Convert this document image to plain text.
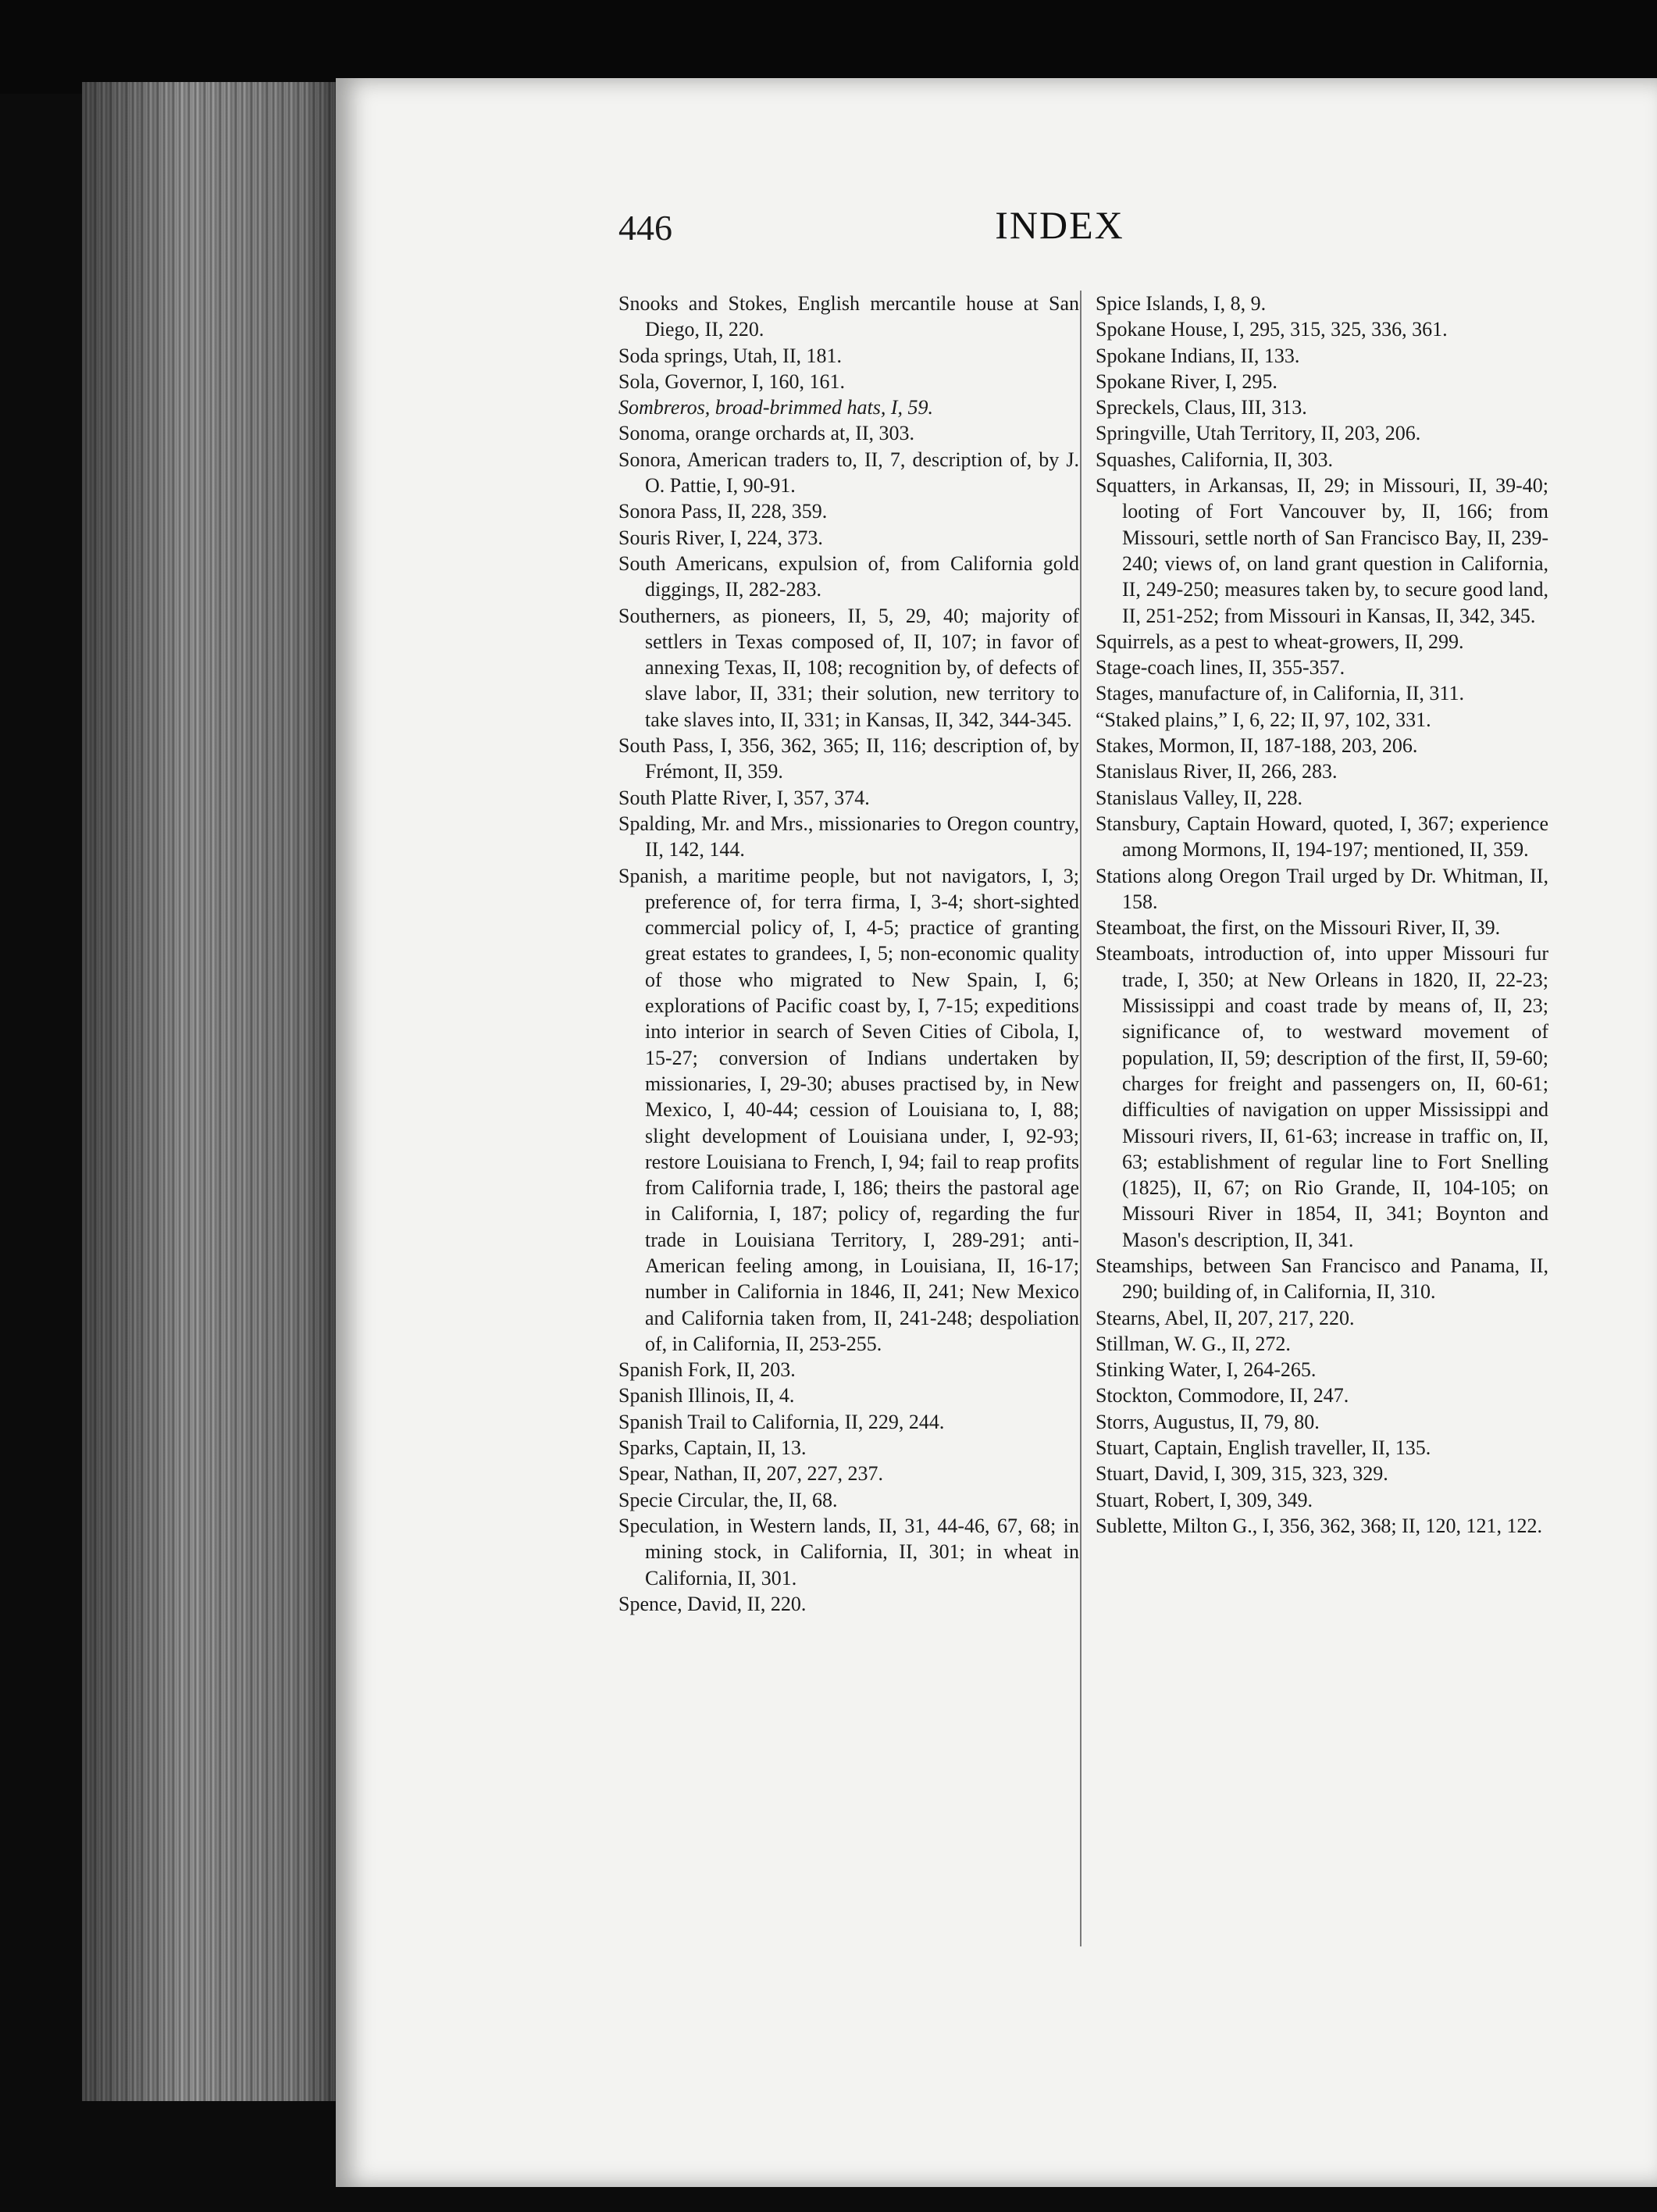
446	INDEX

Snooks and Stokes, English mercantile house at San Diego, II, 220.

Soda springs, Utah, II, 181.

Sola, Governor, I, 160, 161.

Sombreros, broad-brimmed hats, I, 59.

Sonoma, orange orchards at, II, 303.

Sonora, American traders to, II, 7, description of, by J. O. Pattie, I, 90-91.

Sonora Pass, II, 228, 359.

Souris River, I, 224, 373.

South Americans, expulsion of, from California gold diggings, II, 282-283.

Southerners, as pioneers, II, 5, 29, 40; majority of settlers in Texas composed of, II, 107; in favor of annexing Texas, II, 108; recognition by, of defects of slave labor, II, 331; their solution, new territory to take slaves into, II, 331; in Kansas, II, 342, 344-345.

South Pass, I, 356, 362, 365; II, 116; description of, by Frémont, II, 359.

South Platte River, I, 357, 374.

Spalding, Mr. and Mrs., missionaries to Oregon country, II, 142, 144.

Spanish, a maritime people, but not navigators, I, 3; preference of, for terra firma, I, 3-4; short-sighted commercial policy of, I, 4-5; practice of granting great estates to grandees, I, 5; non-economic quality of those who migrated to New Spain, I, 6; explorations of Pacific coast by, I, 7-15; expeditions into interior in search of Seven Cities of Cibola, I, 15-27; conversion of Indians undertaken by missionaries, I, 29-30; abuses practised by, in New Mexico, I, 40-44; cession of Louisiana to, I, 88; slight development of Louisiana under, I, 92-93; restore Louisiana to French, I, 94; fail to reap profits from California trade, I, 186; theirs the pastoral age in California, I, 187; policy of, regarding the fur trade in Louisiana Territory, I, 289-291; anti-American feeling among, in Louisiana, II, 16-17; number in California in 1846, II, 241; New Mexico and California taken from, II, 241-248; despoliation of, in California, II, 253-255.

Spanish Fork, II, 203.

Spanish Illinois, II, 4.

Spanish Trail to California, II, 229, 244.

Sparks, Captain, II, 13.

Spear, Nathan, II, 207, 227, 237.

Specie Circular, the, II, 68.

Speculation, in Western lands, II, 31, 44-46, 67, 68; in mining stock, in California, II, 301; in wheat in California, II, 301.

Spence, David, II, 220.

Spice Islands, I, 8, 9.

Spokane House, I, 295, 315, 325, 336, 361.

Spokane Indians, II, 133.

Spokane River, I, 295.

Spreckels, Claus, III, 313.

Springville, Utah Territory, II, 203, 206.

Squashes, California, II, 303.

Squatters, in Arkansas, II, 29; in Missouri, II, 39-40; looting of Fort Vancouver by, II, 166; from Missouri, settle north of San Francisco Bay, II, 239-240; views of, on land grant question in California, II, 249-250; measures taken by, to secure good land, II, 251-252; from Missouri in Kansas, II, 342, 345.

Squirrels, as a pest to wheat-growers, II, 299.

Stage-coach lines, II, 355-357.

Stages, manufacture of, in California, II, 311.

“Staked plains,” I, 6, 22; II, 97, 102, 331.

Stakes, Mormon, II, 187-188, 203, 206.

Stanislaus River, II, 266, 283.

Stanislaus Valley, II, 228.

Stansbury, Captain Howard, quoted, I, 367; experience among Mormons, II, 194-197; mentioned, II, 359.

Stations along Oregon Trail urged by Dr. Whitman, II, 158.

Steamboat, the first, on the Missouri River, II, 39.

Steamboats, introduction of, into upper Missouri fur trade, I, 350; at New Orleans in 1820, II, 22-23; Mississippi and coast trade by means of, II, 23; significance of, to westward movement of population, II, 59; description of the first, II, 59-60; charges for freight and passengers on, II, 60-61; difficulties of navigation on upper Mississippi and Missouri rivers, II, 61-63; increase in traffic on, II, 63; establishment of regular line to Fort Snelling (1825), II, 67; on Rio Grande, II, 104-105; on Missouri River in 1854, II, 341; Boynton and Mason's description, II, 341.

Steamships, between San Francisco and Panama, II, 290; building of, in California, II, 310.

Stearns, Abel, II, 207, 217, 220.

Stillman, W. G., II, 272.

Stinking Water, I, 264-265.

Stockton, Commodore, II, 247.

Storrs, Augustus, II, 79, 80.

Stuart, Captain, English traveller, II, 135.

Stuart, David, I, 309, 315, 323, 329.

Stuart, Robert, I, 309, 349.

Sublette, Milton G., I, 356, 362, 368; II, 120, 121, 122.
